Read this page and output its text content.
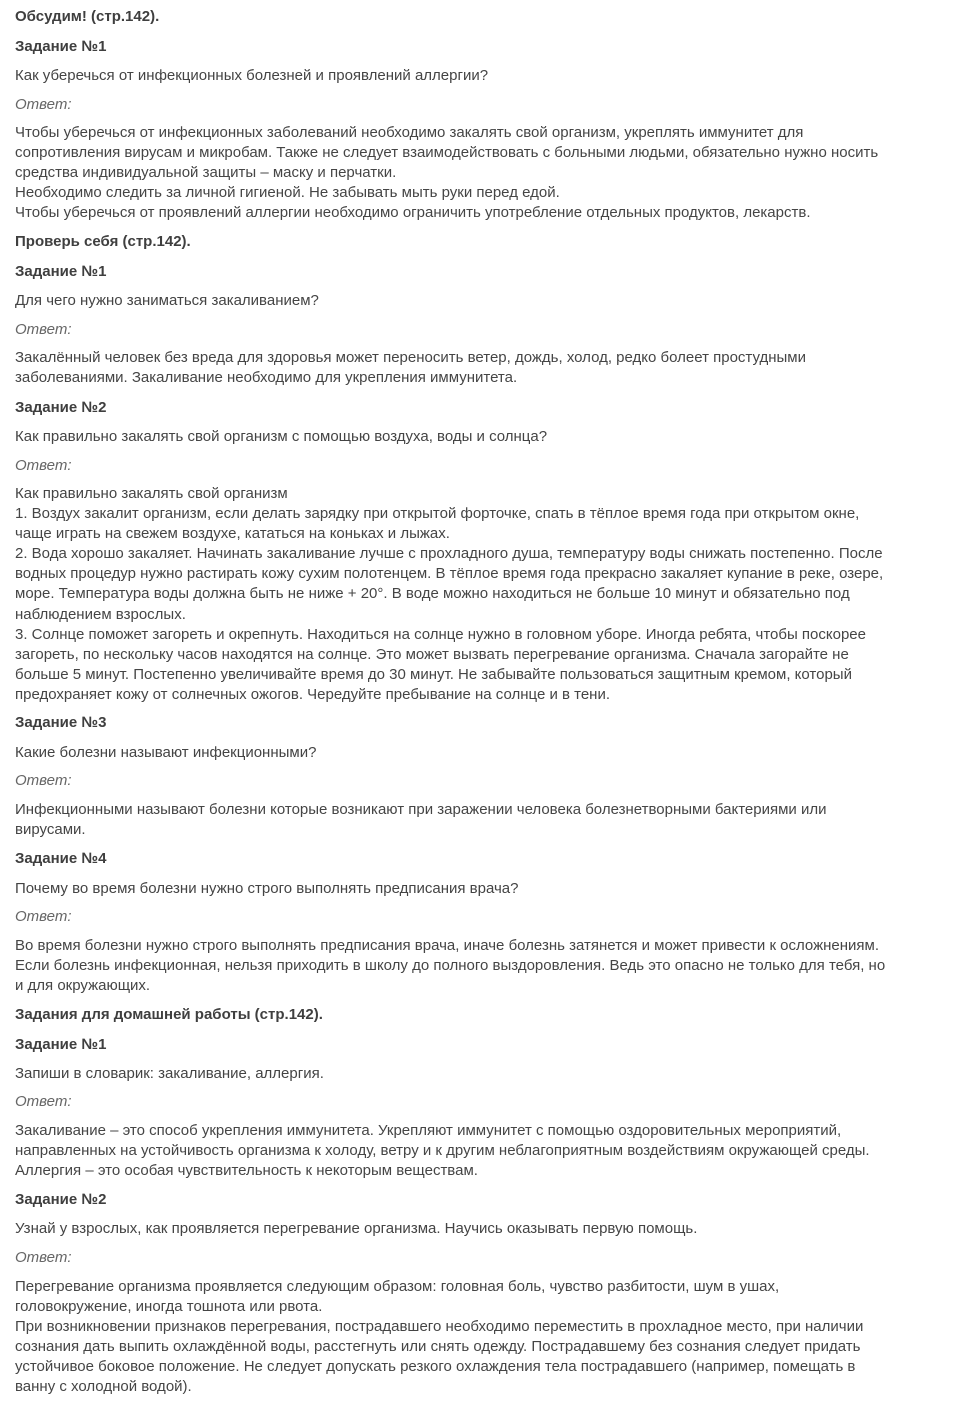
Обсудим! (стр.142).
Задание №1
Как уберечься от инфекционных болезней и проявлений аллергии?
Ответ:
Чтобы уберечься от инфекционных заболеваний необходимо закалять свой организм, укреплять иммунитет для
сопротивления вирусам и микробам. Также не следует взаимодействовать с больными людьми, обязательно нужно носить
средства индивидуальной защиты – маску и перчатки.
Необходимо следить за личной гигиеной. Не забывать мыть руки перед едой.
Чтобы уберечься от проявлений аллергии необходимо ограничить употребление отдельных продуктов, лекарств.
Проверь себя (стр.142).
Задание №1
Для чего нужно заниматься закаливанием?
Ответ:
Закалённый человек без вреда для здоровья может переносить ветер, дождь, холод, редко болеет простудными
заболеваниями. Закаливание необходимо для укрепления иммунитета.
Задание №2
Как правильно закалять свой организм с помощью воздуха, воды и солнца?
Ответ:
Как правильно закалять свой организм
1. Воздух закалит организм, если делать зарядку при открытой форточке, спать в тёплое время года при открытом окне,
чаще играть на свежем воздухе, кататься на коньках и лыжах.
2. Вода хорошо закаляет. Начинать закаливание лучше с прохладного душа, температуру воды снижать постепенно. После
водных процедур нужно растирать кожу сухим полотенцем. В тёплое время года прекрасно закаляет купание в реке, озере,
море. Температура воды должна быть не ниже + 20°. В воде можно находиться не больше 10 минут и обязательно под
наблюдением взрослых.
3. Солнце поможет загореть и окрепнуть. Находиться на солнце нужно в головном уборе. Иногда ребята, чтобы поскорее
загореть, по нескольку часов находятся на солнце. Это может вызвать перегревание организма. Сначала загорайте не
больше 5 минут. Постепенно увеличивайте время до 30 минут. Не забывайте пользоваться защитным кремом, который
предохраняет кожу от солнечных ожогов. Чередуйте пребывание на солнце и в тени.
Задание №3
Какие болезни называют инфекционными?
Ответ:
Инфекционными называют болезни которые возникают при заражении человека болезнетворными бактериями или
вирусами.
Задание №4
Почему во время болезни нужно строго выполнять предписания врача?
Ответ:
Во время болезни нужно строго выполнять предписания врача, иначе болезнь затянется и может привести к осложнениям.
Если болезнь инфекционная, нельзя приходить в школу до полного выздоровления. Ведь это опасно не только для тебя, но
и для окружающих.
Задания для домашней работы (стр.142).
Задание №1
Запиши в словарик: закаливание, аллергия.
Ответ:
Закаливание – это способ укрепления иммунитета. Укрепляют иммунитет с помощью оздоровительных мероприятий,
направленных на устойчивость организма к холоду, ветру и к другим неблагоприятным воздействиям окружающей среды.
Аллергия – это особая чувствительность к некоторым веществам.
Задание №2
Узнай у взрослых, как проявляется перегревание организма. Научись оказывать первую помощь.
Ответ:
Перегревание организма проявляется следующим образом: головная боль, чувство разбитости, шум в ушах,
головокружение, иногда тошнота или рвота.
При возникновении признаков перегревания, пострадавшего необходимо переместить в прохладное место, при наличии
сознания дать выпить охлаждённой воды, расстегнуть или снять одежду. Пострадавшему без сознания следует придать
устойчивое боковое положение. Не следует допускать резкого охлаждения тела пострадавшего (например, помещать в
ванну с холодной водой).
